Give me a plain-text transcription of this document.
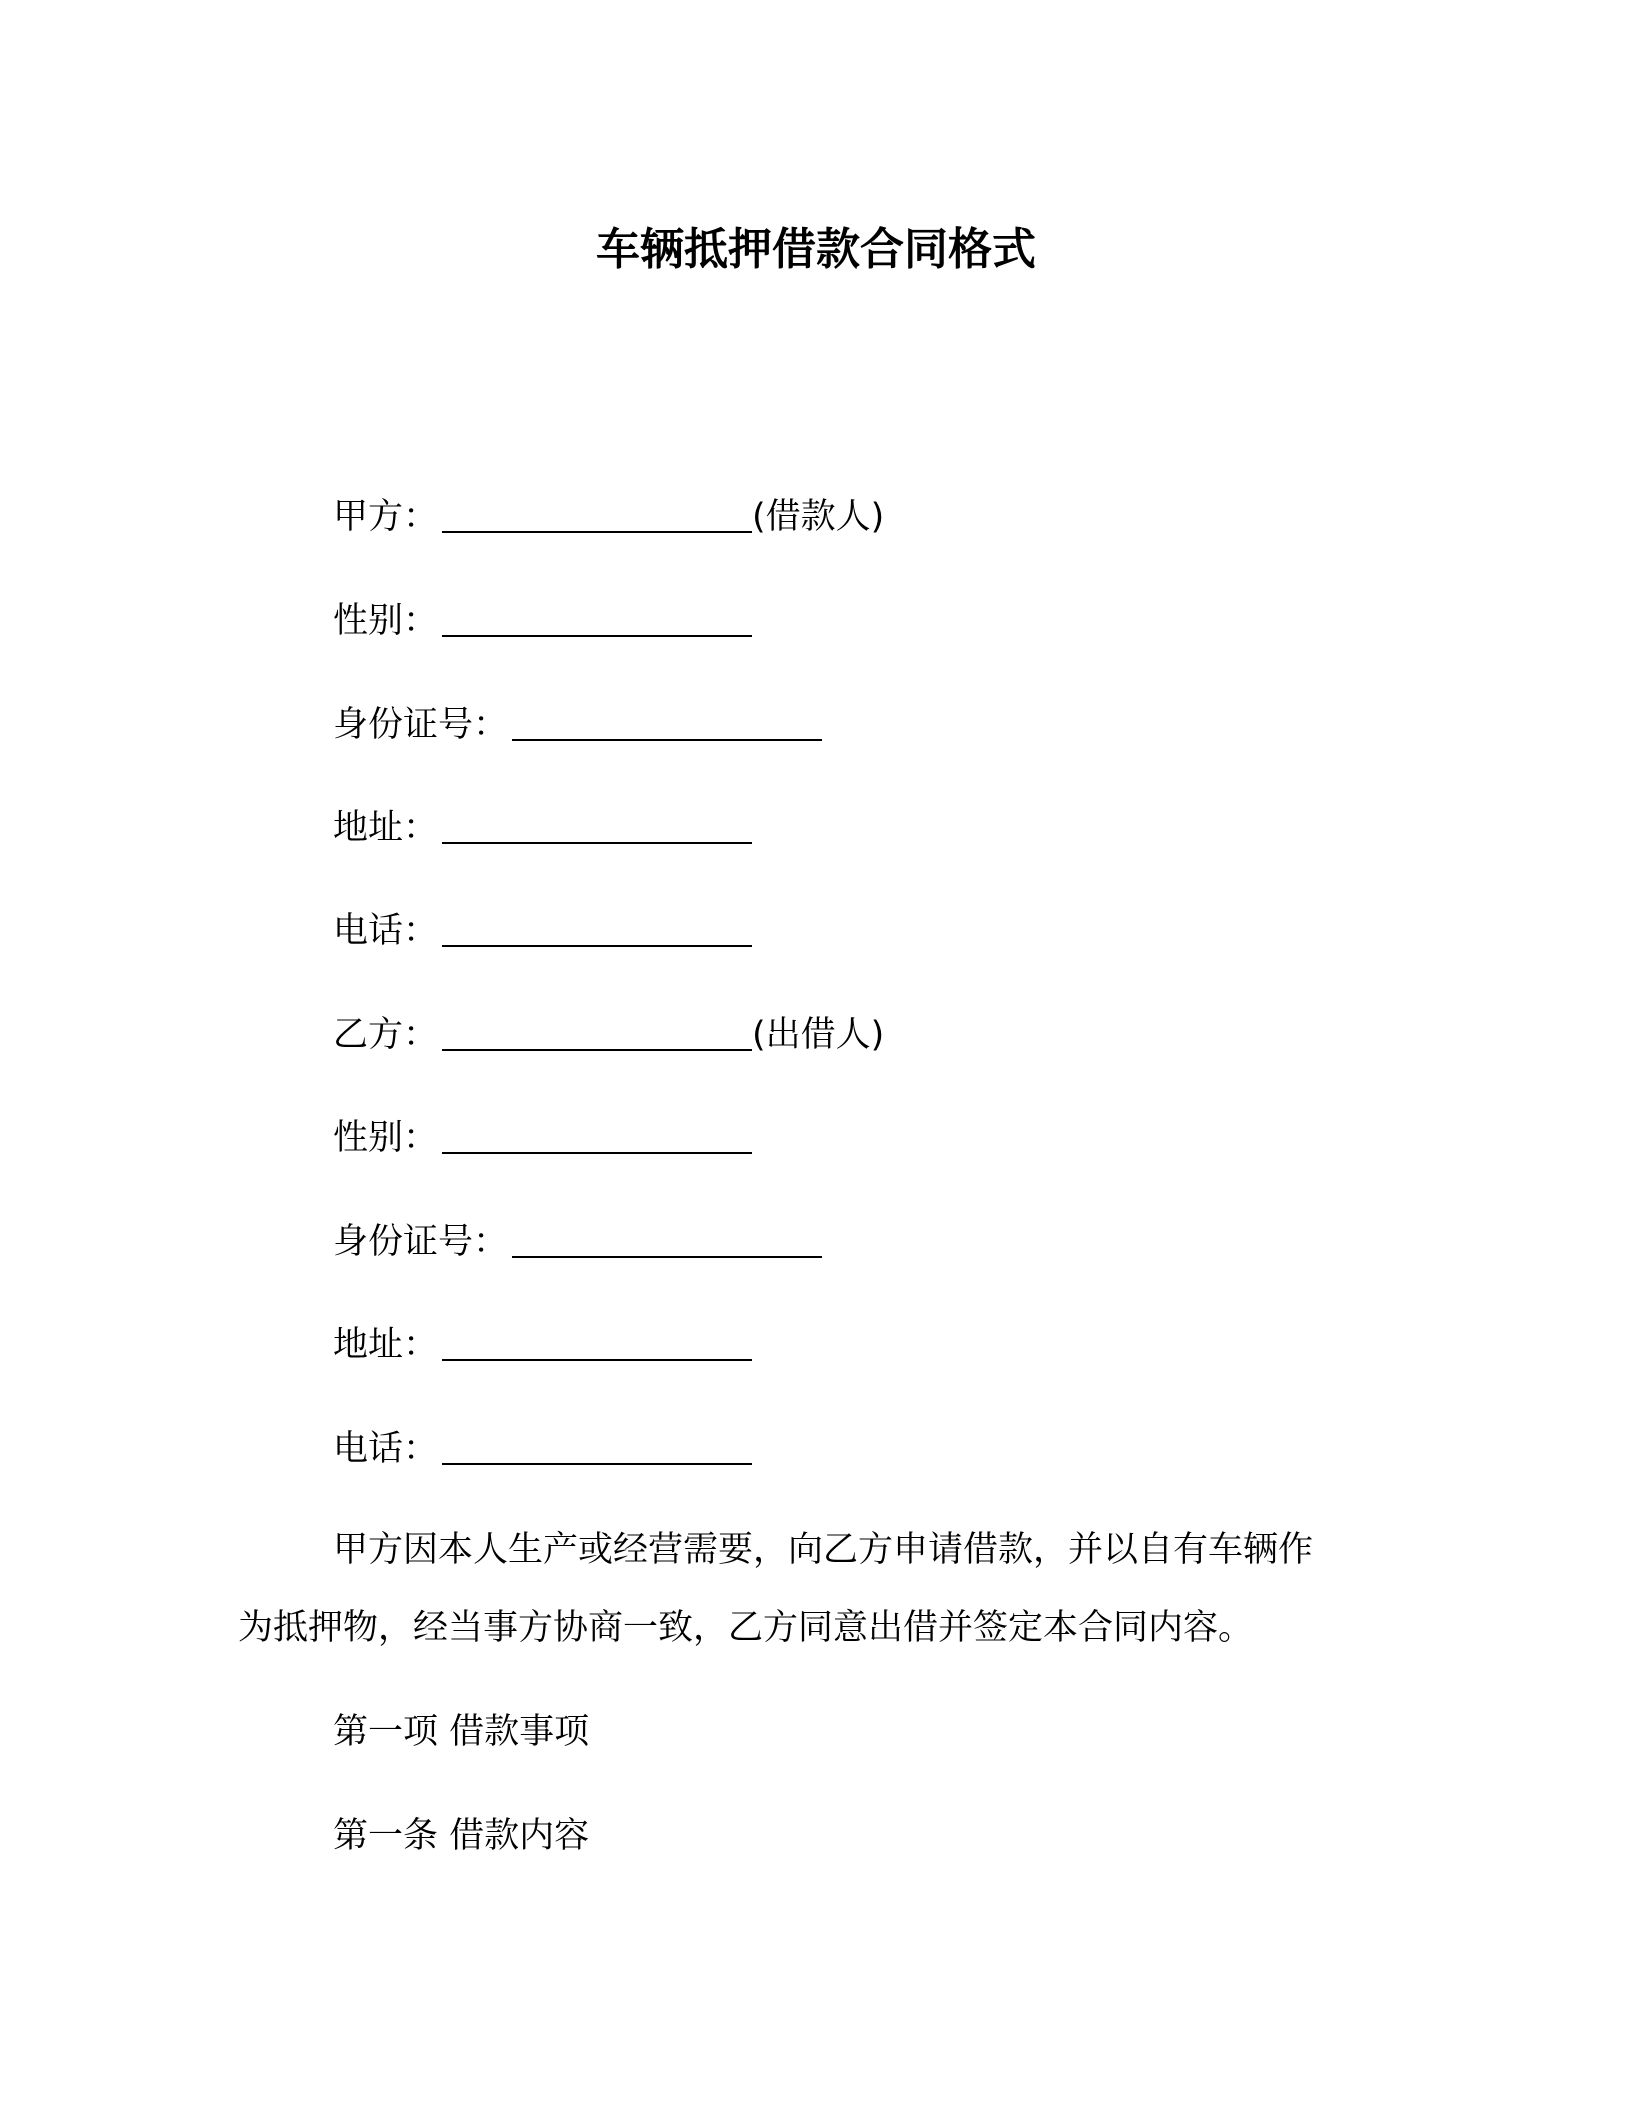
车辆抵押借款合同格式
甲方：	(借款人)
性别：
身份证号：
地址：
电话：
乙方：	(出借人)
性别：
身份证号：
地址：
电话：
甲方因本人生产或经营需要，向乙方申请借款，并以自有车辆作
为抵押物，经当事方协商一致，乙方同意出借并签定本合同内容。
第一项 借款事项
第一条 借款内容
